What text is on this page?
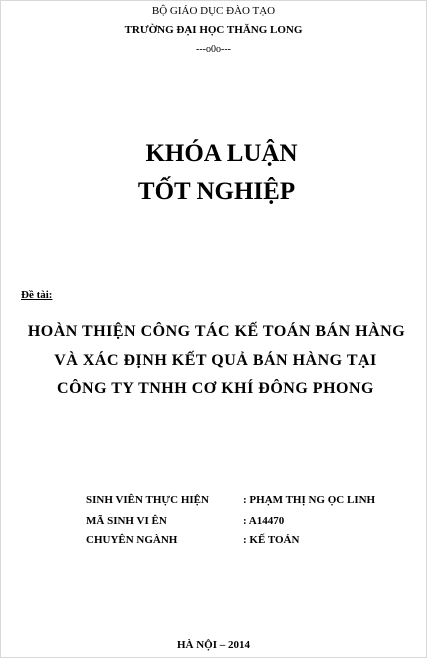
BỘ GIÁO DỤC ĐÀO TẠO
TRƯỜNG ĐẠI HỌC THĂNG LONG
---o0o---
KHÓA LUẬN
TỐT NGHIỆP
Đề tài:
HOÀN THIỆN CÔNG TÁC KẾ TOÁN BÁN HÀNG
VÀ XÁC ĐỊNH KẾT QUẢ BÁN HÀNG TẠI
CÔNG TY TNHH CƠ KHÍ ĐÔNG PHONG
SINH VIÊN THỰC HIỆN	: PHẠM THỊ NG ỌC LINH
MÃ SINH VI ÊN	: A14470
CHUYÊN NGÀNH	: KẾ TOÁN
HÀ NỘI – 2014
